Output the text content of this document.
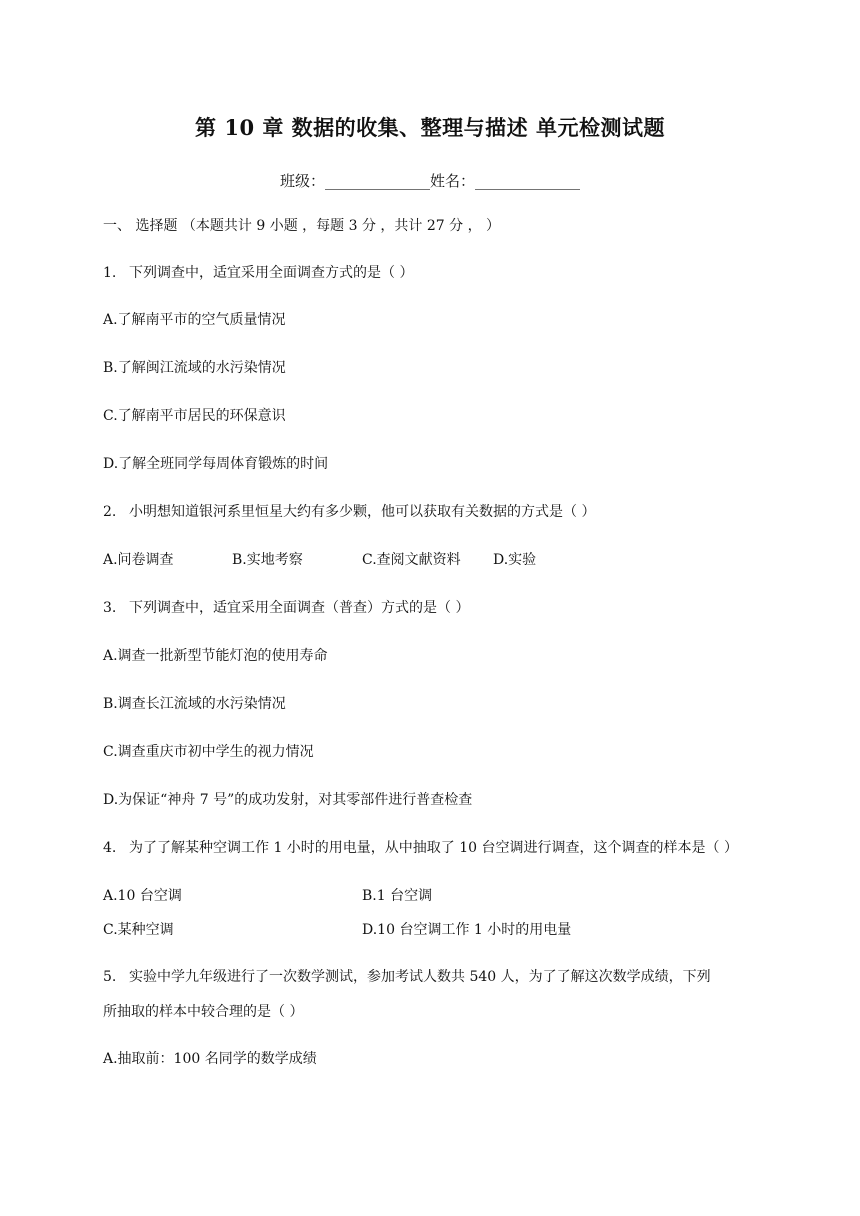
第 10 章 数据的收集、整理与描述 单元检测试题
班级：______________姓名：______________
一、 选择题 （本题共计 9 小题 ，每题 3 分 ，共计 27 分 ， ）
1. 下列调查中，适宜采用全面调查方式的是（ ）
A.了解南平市的空气质量情况
B.了解闽江流域的水污染情况
C.了解南平市居民的环保意识
D.了解全班同学每周体育锻炼的时间
2. 小明想知道银河系里恒星大约有多少颗，他可以获取有关数据的方式是（ ）
A.问卷调查	B.实地考察	C.查阅文献资料 D.实验
3. 下列调查中，适宜采用全面调查（普查）方式的是（ ）
A.调查一批新型节能灯泡的使用寿命
B.调查长江流域的水污染情况
C.调查重庆市初中学生的视力情况
D.为保证“神舟 7 号”的成功发射，对其零部件进行普查检查
4. 为了了解某种空调工作 1 小时的用电量，从中抽取了 10 台空调进行调查，这个调查的样本是（ ）
A.10 台空调	B.1 台空调
C.某种空调	D.10 台空调工作 1 小时的用电量
5. 实验中学九年级进行了一次数学测试，参加考试人数共 540 人，为了了解这次数学成绩，下列
所抽取的样本中较合理的是（ ）
A.抽取前：100 名同学的数学成绩
